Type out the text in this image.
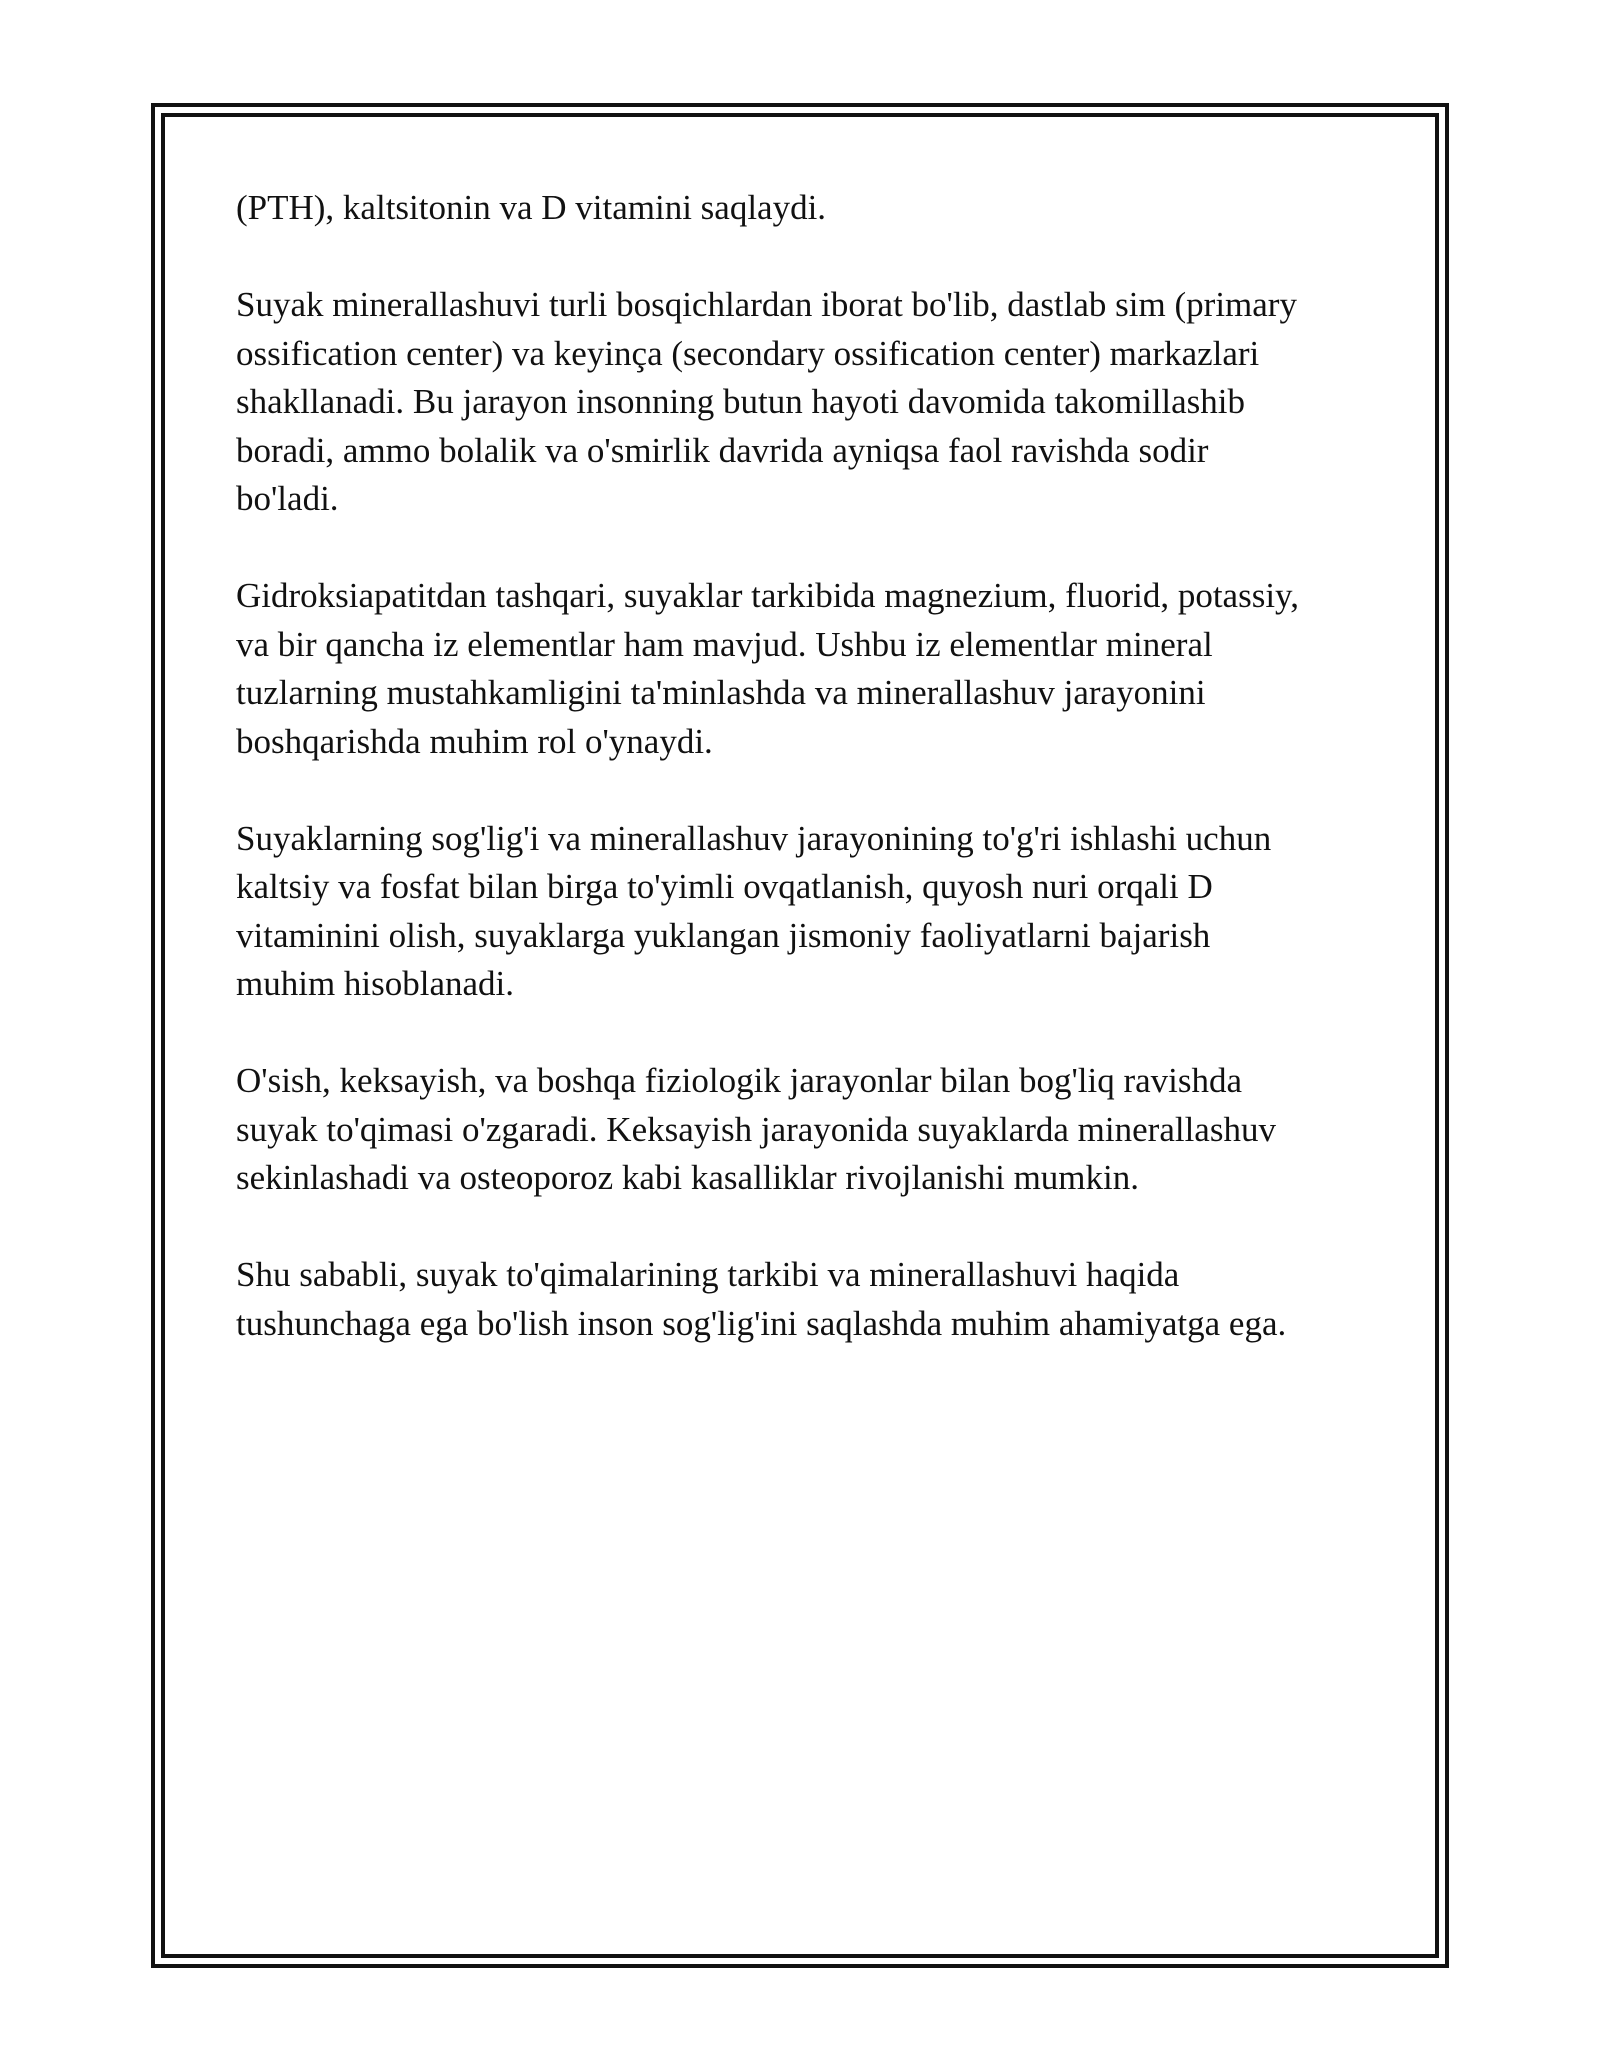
(PTH), kaltsitonin va D vitamini saqlaydi.

Suyak minerallashuvi turli bosqichlardan iborat bo'lib, dastlab sim (primary
ossification center) va keyinça (secondary ossification center) markazlari
shakllanadi. Bu jarayon insonning butun hayoti davomida takomillashib
boradi, ammo bolalik va o'smirlik davrida ayniqsa faol ravishda sodir
bo'ladi.

Gidroksiapatitdan tashqari, suyaklar tarkibida magnezium, fluorid, potassiy,
va bir qancha iz elementlar ham mavjud. Ushbu iz elementlar mineral
tuzlarning mustahkamligini ta'minlashda va minerallashuv jarayonini
boshqarishda muhim rol o'ynaydi.

Suyaklarning sog'lig'i va minerallashuv jarayonining to'g'ri ishlashi uchun
kaltsiy va fosfat bilan birga to'yimli ovqatlanish, quyosh nuri orqali D
vitaminini olish, suyaklarga yuklangan jismoniy faoliyatlarni bajarish
muhim hisoblanadi.

O'sish, keksayish, va boshqa fiziologik jarayonlar bilan bog'liq ravishda
suyak to'qimasi o'zgaradi. Keksayish jarayonida suyaklarda minerallashuv
sekinlashadi va osteoporoz kabi kasalliklar rivojlanishi mumkin.

Shu sababli, suyak to'qimalarining tarkibi va minerallashuvi haqida
tushunchaga ega bo'lish inson sog'lig'ini saqlashda muhim ahamiyatga ega.
